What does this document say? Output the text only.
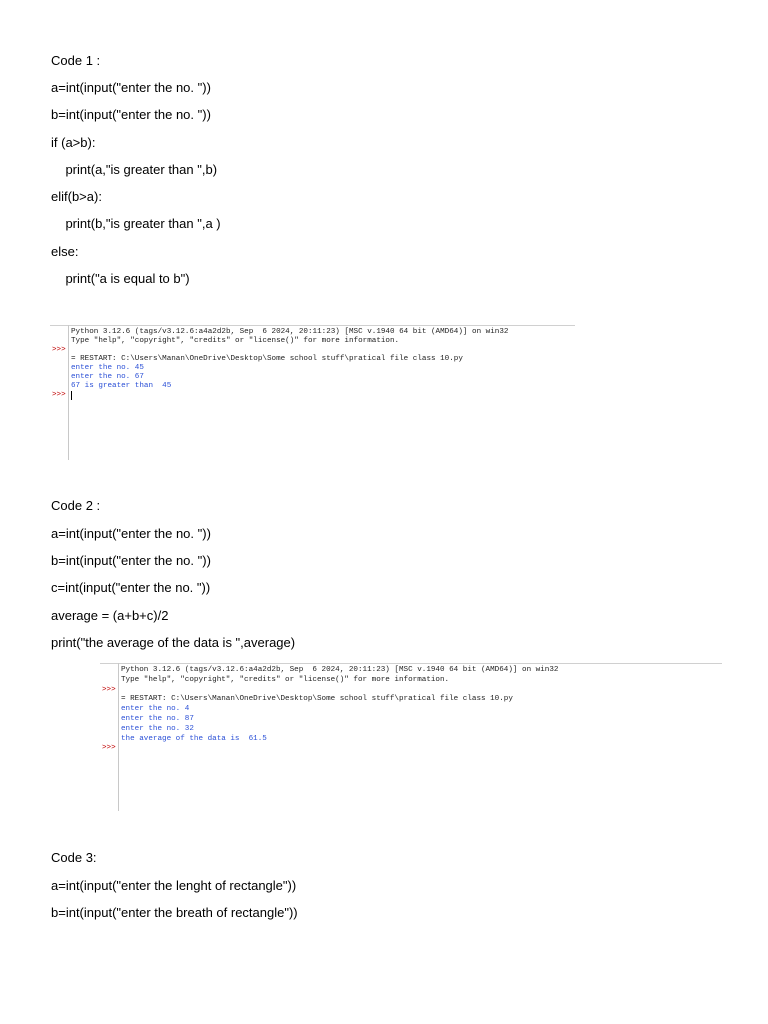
Code 1 :
a=int(input("enter the no. "))
b=int(input("enter the no. "))
if (a>b):
print(a,"is greater than ",b)
elif(b>a):
print(b,"is greater than ",a )
else:
print("a is equal to b")
Python 3.12.6 (tags/v3.12.6:a4a2d2b, Sep  6 2024, 20:11:23) [MSC v.1940 64 bit (AMD64)] on win32
Type "help", "copyright", "credits" or "license()" for more information.
>>>
= RESTART: C:\Users\Manan\OneDrive\Desktop\Some school stuff\pratical file class 10.py
enter the no. 45
enter the no. 67
67 is greater than  45
>>>
Code 2 :
a=int(input("enter the no. "))
b=int(input("enter the no. "))
c=int(input("enter the no. "))
average = (a+b+c)/2
print("the average of the data is ",average)
Python 3.12.6 (tags/v3.12.6:a4a2d2b, Sep  6 2024, 20:11:23) [MSC v.1940 64 bit (AMD64)] on win32
Type "help", "copyright", "credits" or "license()" for more information.
>>>
= RESTART: C:\Users\Manan\OneDrive\Desktop\Some school stuff\pratical file class 10.py
enter the no. 4
enter the no. 87
enter the no. 32
the average of the data is  61.5
>>>
Code 3:
a=int(input("enter the lenght of rectangle"))
b=int(input("enter the breath of rectangle"))
